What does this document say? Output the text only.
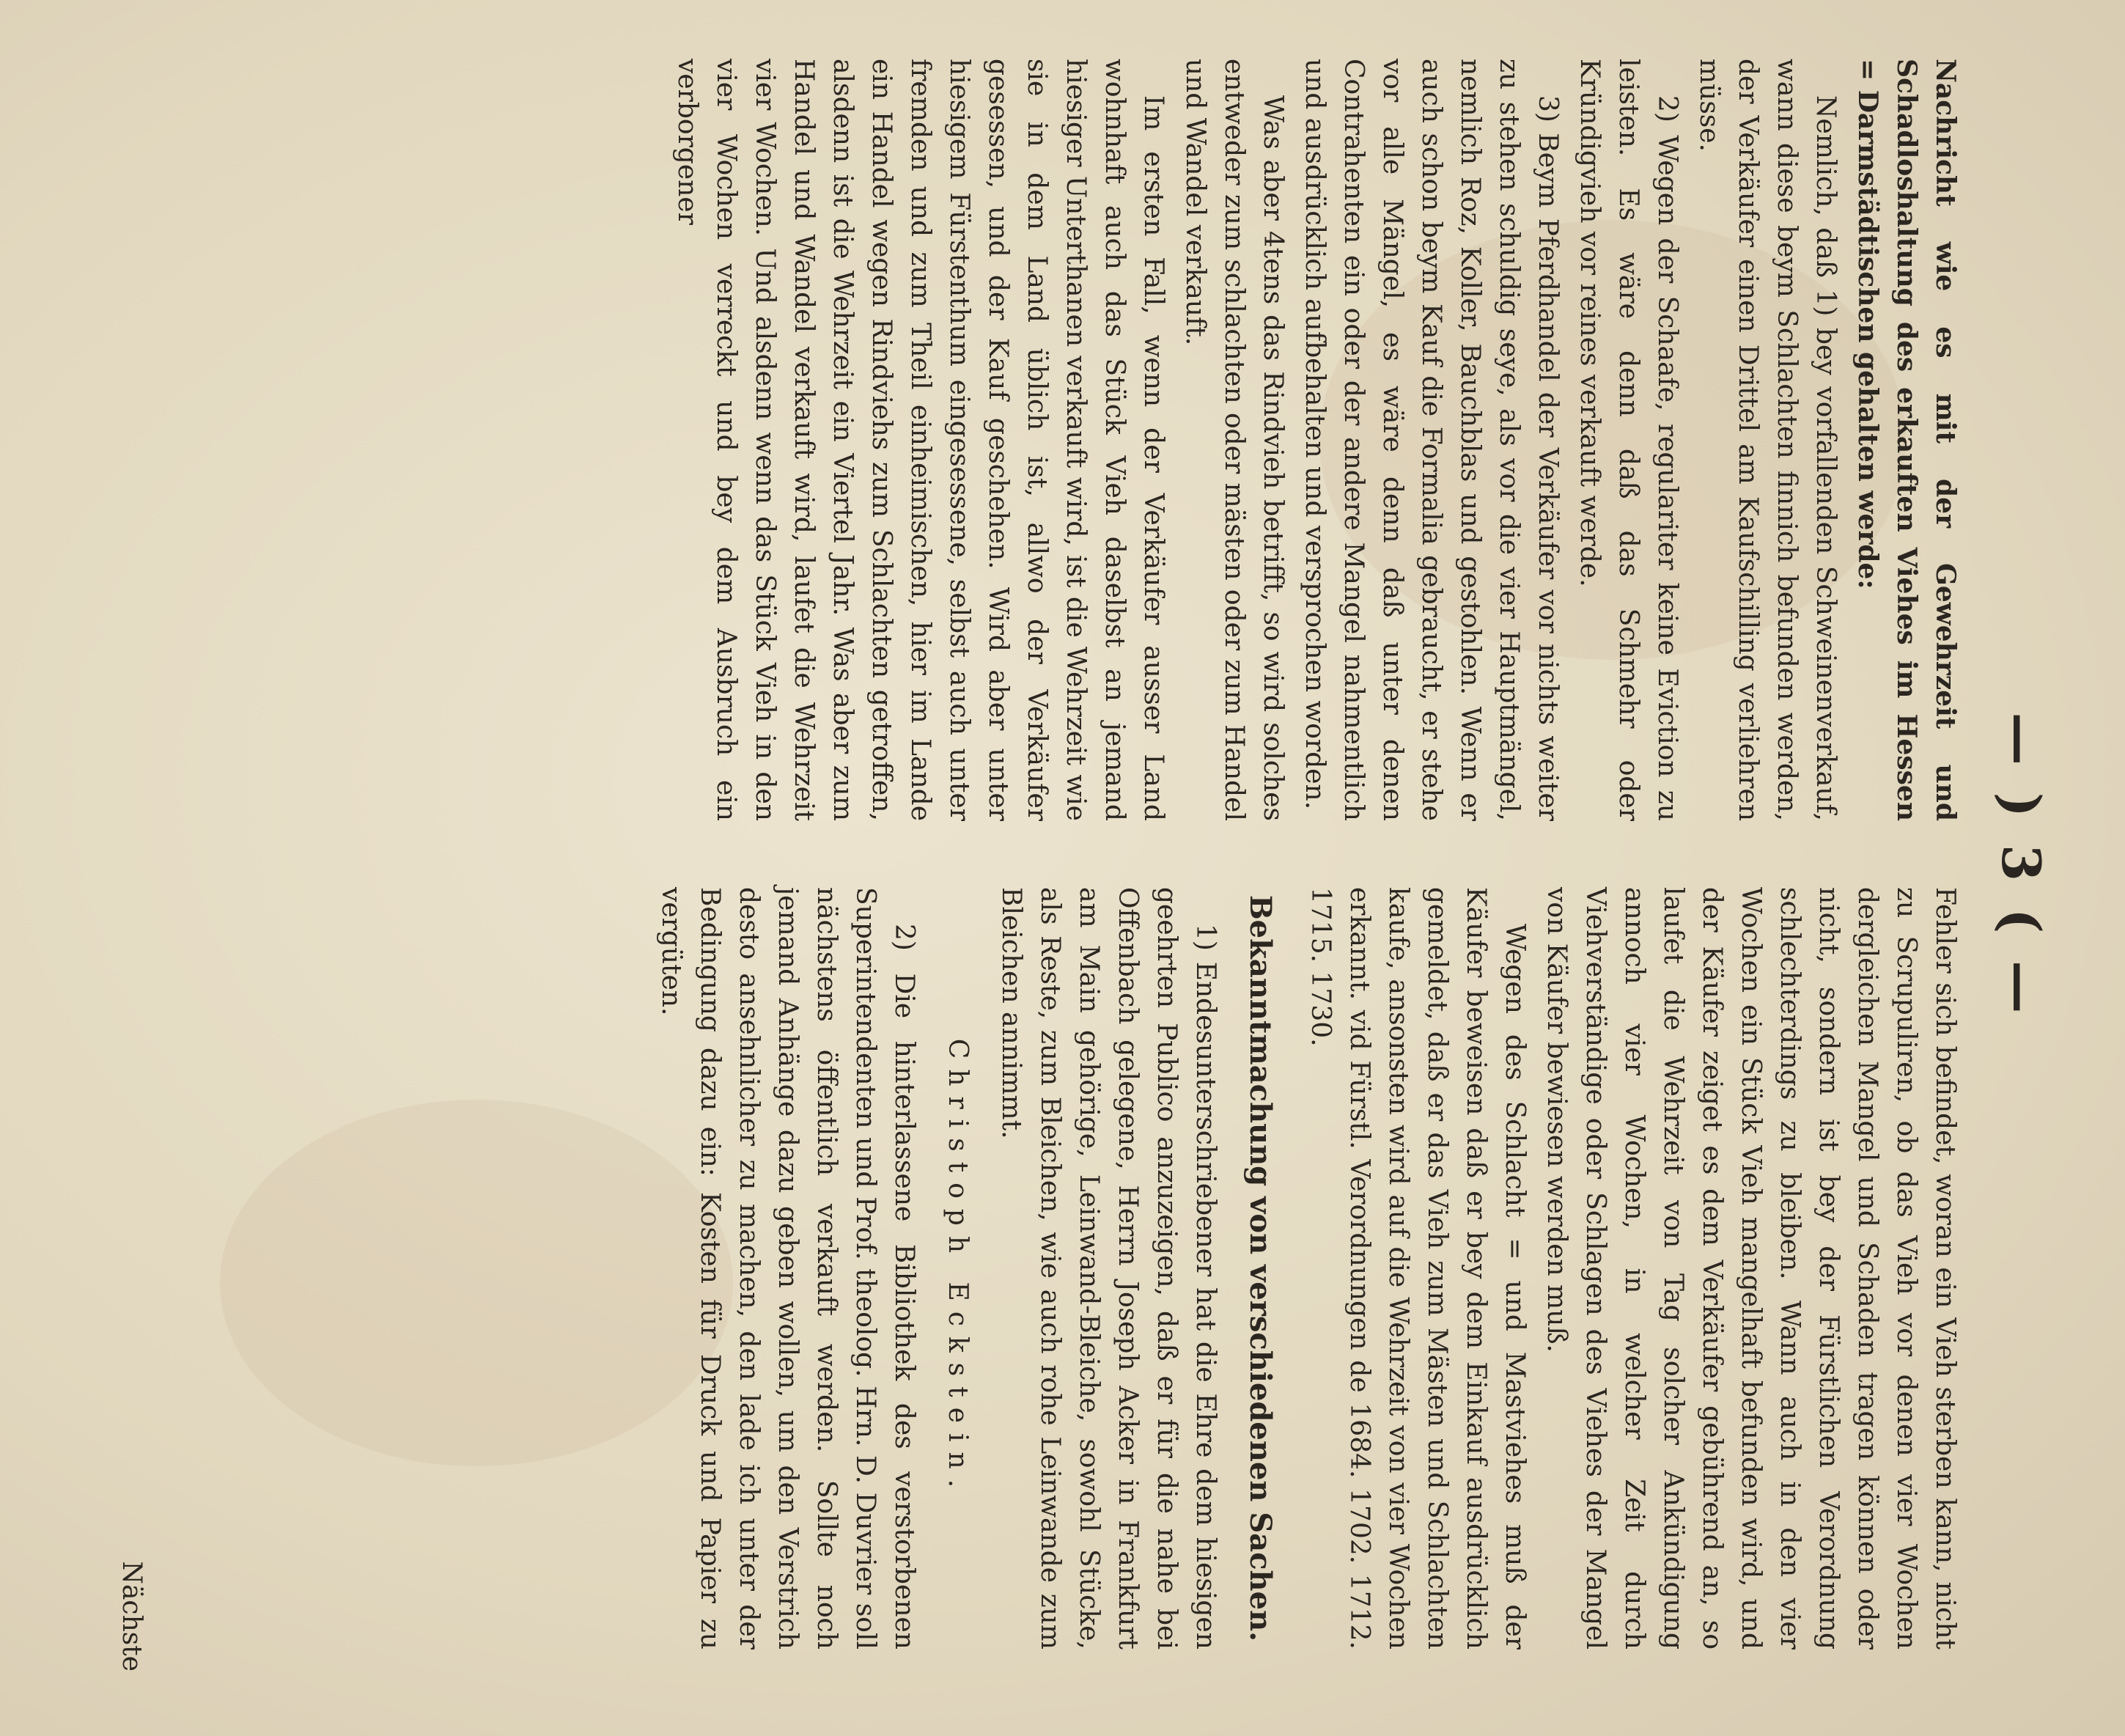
— ) 3 ( —

Nachricht wie es mit der Gewehrzeit und Schadloshaltung des erkauften Viehes im Hessen = Darmstädtischen gehalten werde:

Nemlich, daß 1) bey vorfallenden Schweinenverkauf, wann diese beym Schlachten finnich befunden werden, der Verkäufer einen Drittel am Kaufschilling verliehren müsse.

2) Wegen der Schaafe, regulariter keine Eviction zu leisten. Es wäre denn daß das Schmehr oder Kründigvieh vor reines verkauft werde.

3) Beym Pferdhandel der Verkäufer vor nichts weiter zu stehen schuldig seye, als vor die vier Hauptmängel, nemlich Roz, Koller, Bauchblas und gestohlen. Wenn er auch schon beym Kauf die Formalia gebraucht, er stehe vor alle Mängel, es wäre denn daß unter denen Contrahenten ein oder der andere Mangel nahmentlich und ausdrücklich aufbehalten und versprochen worden.

Was aber 4tens das Rindvieh betrifft, so wird solches entweder zum schlachten oder mästen oder zum Handel und Wandel verkauft.

Im ersten Fall, wenn der Verkäufer ausser Land wohnhaft auch das Stück Vieh daselbst an jemand hiesiger Unterthanen verkauft wird, ist die Wehrzeit wie sie in dem Land üblich ist, allwo der Verkäufer gesessen, und der Kauf geschehen. Wird aber unter hiesigem Fürstenthum eingesessene, selbst auch unter fremden und zum Theil einheimischen, hier im Lande ein Handel wegen Rindviehs zum Schlachten getroffen, alsdenn ist die Wehrzeit ein Viertel Jahr. Was aber zum Handel und Wandel verkauft wird, laufet die Wehrzeit vier Wochen. Und alsdenn wenn das Stück Vieh in den vier Wochen verreckt und bey dem Ausbruch ein verborgener

Fehler sich befindet, woran ein Vieh sterben kann, nicht zu Scrupuliren, ob das Vieh vor denen vier Wochen dergleichen Mangel und Schaden tragen können oder nicht, sondern ist bey der Fürstlichen Verordnung schlechterdings zu bleiben. Wann auch in den vier Wochen ein Stück Vieh mangelhaft befunden wird, und der Käufer zeiget es dem Verkäufer gebührend an, so laufet die Wehrzeit von Tag solcher Ankündigung annoch vier Wochen, in welcher Zeit durch Viehverständige oder Schlagen des Viehes der Mangel von Käufer bewiesen werden muß.

Wegen des Schlacht = und Mastviehes muß der Käufer beweisen daß er bey dem Einkauf ausdrücklich gemeldet, daß er das Vieh zum Mästen und Schlachten kaufe, ansonsten wird auf die Wehrzeit von vier Wochen erkannt. vid Fürstl. Verordnungen de 1684. 1702. 1712. 1715. 1730.

Bekanntmachung von verschiedenen Sachen.

1) Endesunterschriebener hat die Ehre dem hiesigen geehrten Publico anzuzeigen, daß er für die nahe bei Offenbach gelegene, Herrn Joseph Acker in Frankfurt am Main gehörige, Leinwand-Bleiche, sowohl Stücke, als Reste, zum Bleichen, wie auch rohe Leinwande zum Bleichen annimmt.

Christoph Eckstein.

2) Die hinterlassene Bibliothek des verstorbenen Superintendenten und Prof. theolog. Hrn. D. Duvrier soll nächstens öffentlich verkauft werden. Sollte noch jemand Anhänge dazu geben wollen, um den Verstrich desto ansehnlicher zu machen, den lade ich unter der Bedingung dazu ein: Kosten für Druck und Papier zu vergüten.

Nächste
